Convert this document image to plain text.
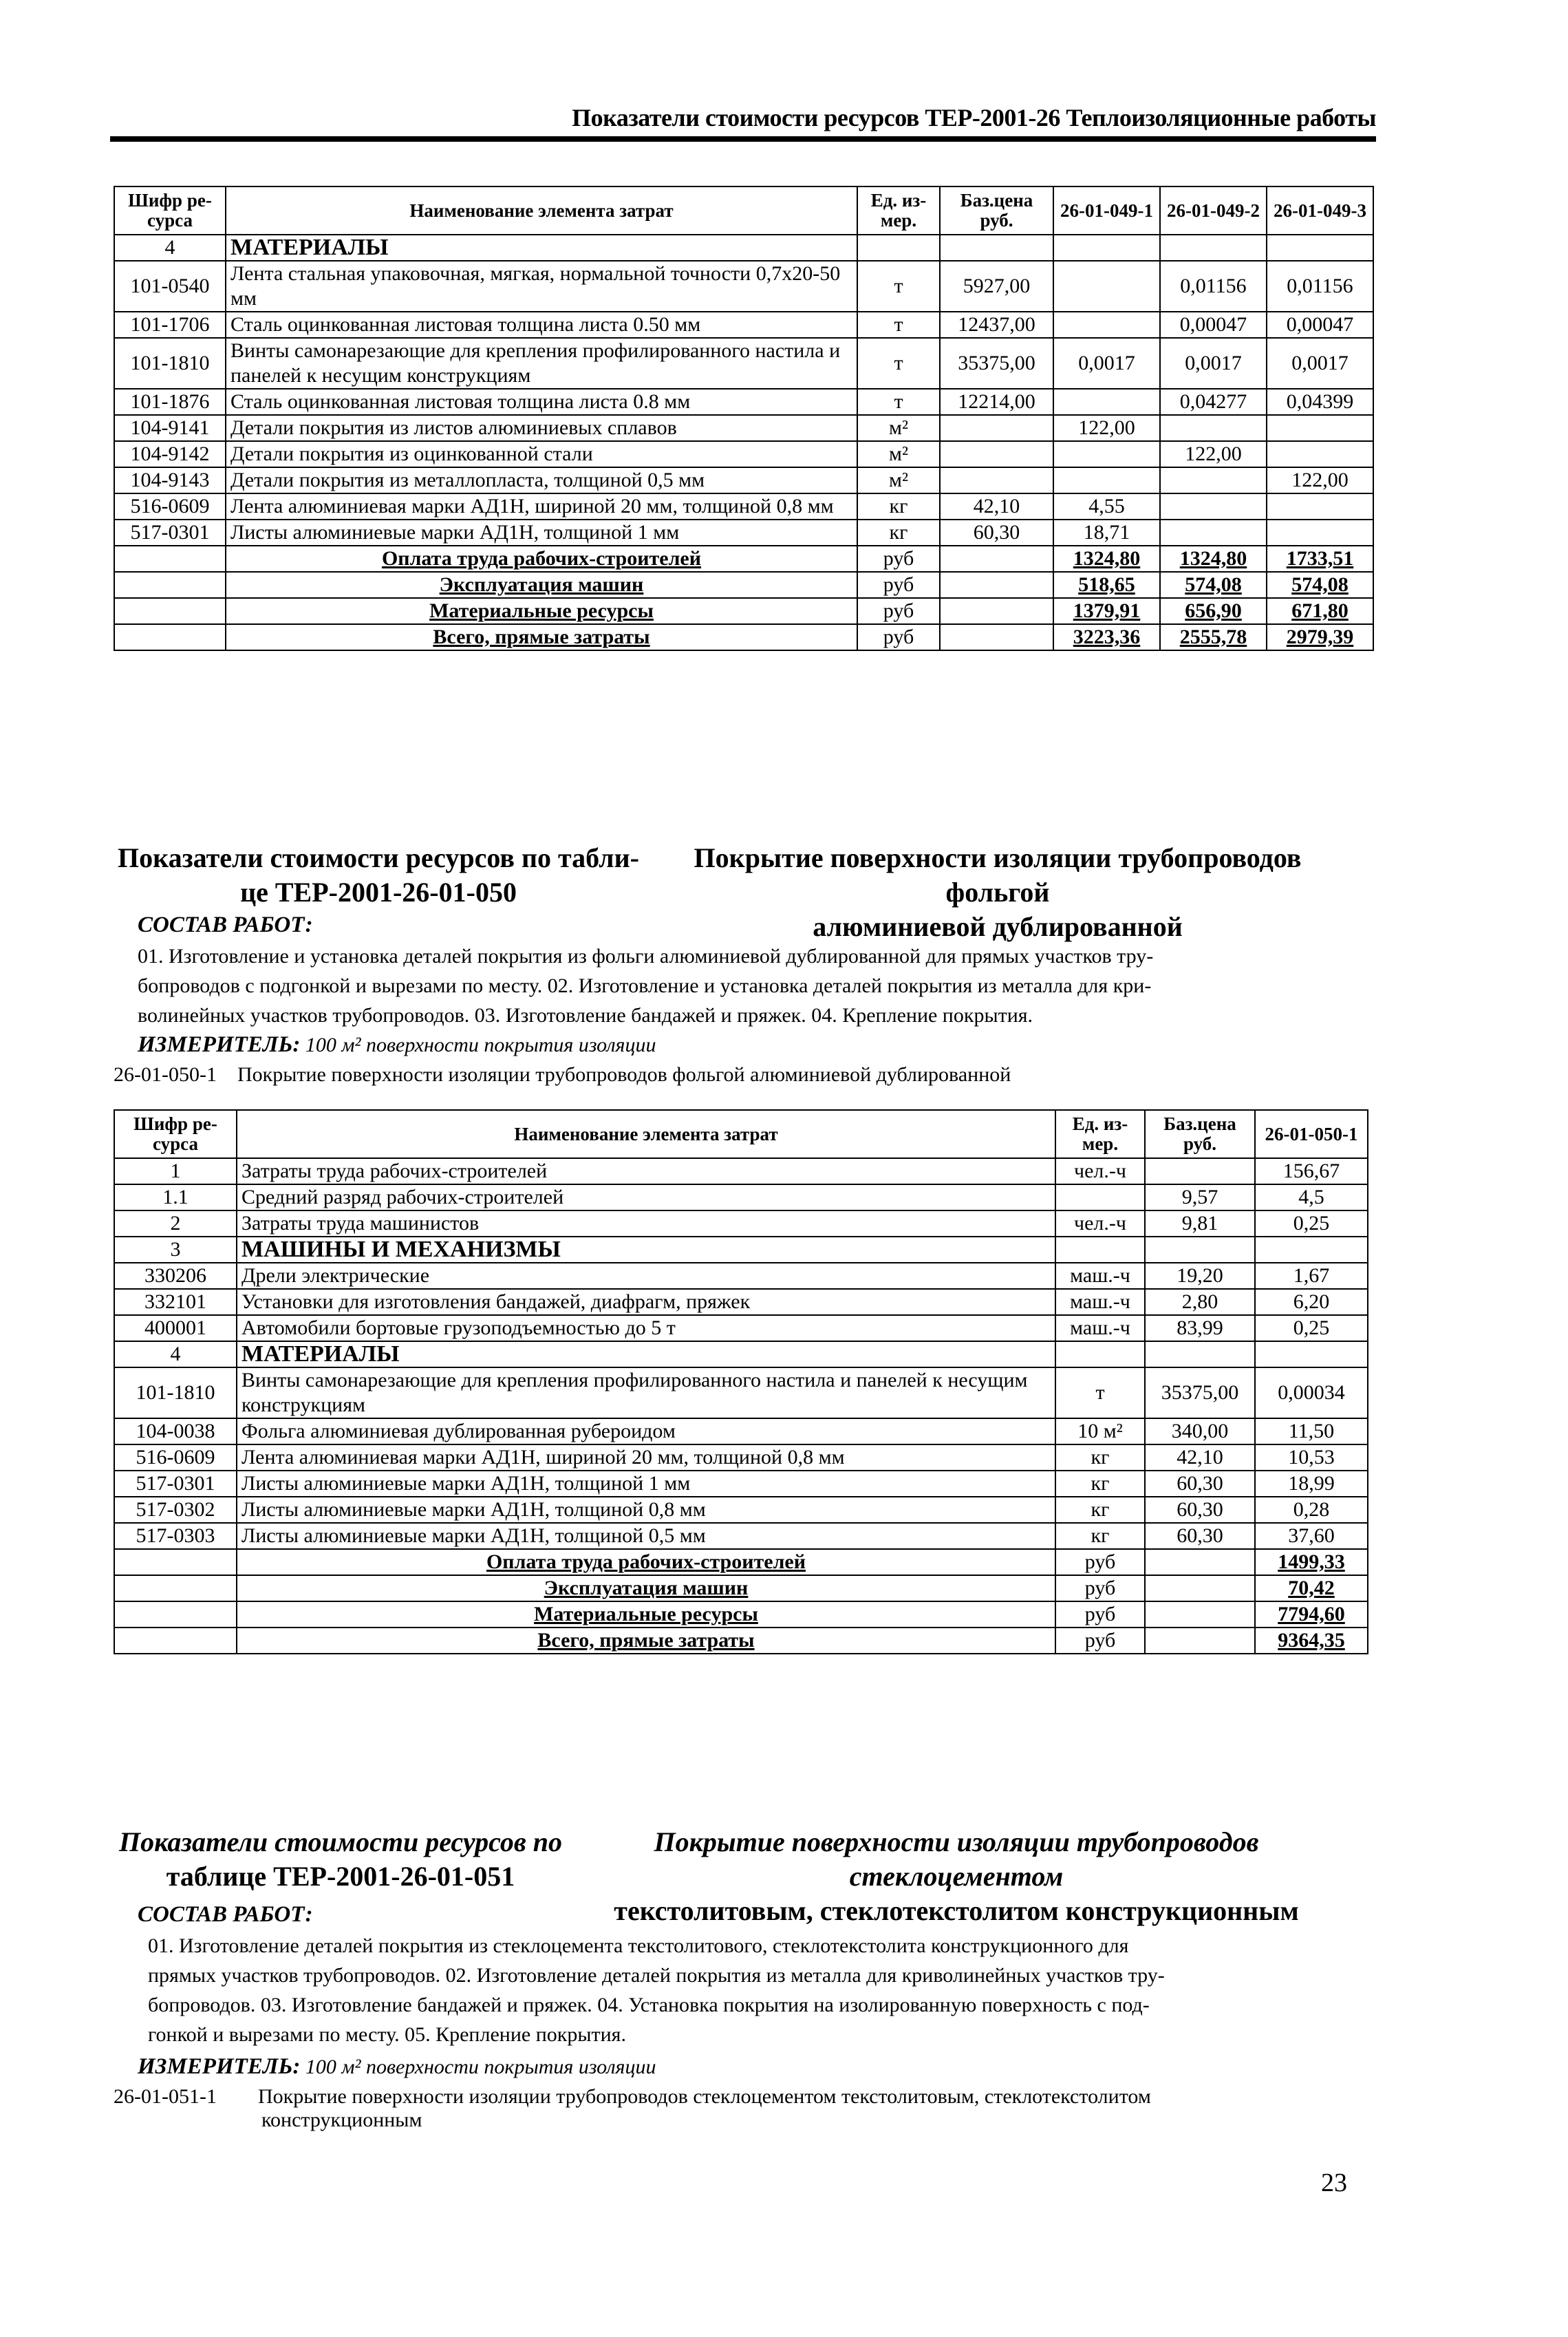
Показатели стоимости ресурсов ТЕР-2001-26 Теплоизоляционные работы
Шифр ре-сурса	Наименование элемента затрат	Ед. из-мер.	Баз.цена руб.	26-01-049-1	26-01-049-2	26-01-049-3
4	МАТЕРИАЛЫ					
101-0540	Лента стальная упаковочная, мягкая, нормальной точности 0,7х20-50 мм	т	5927,00		0,01156	0,01156
101-1706	Сталь оцинкованная листовая толщина листа 0.50 мм	т	12437,00		0,00047	0,00047
101-1810	Винты самонарезающие для крепления профилированного настила и панелей к несущим конструкциям	т	35375,00	0,0017	0,0017	0,0017
101-1876	Сталь оцинкованная листовая толщина листа 0.8 мм	т	12214,00		0,04277	0,04399
104-9141	Детали покрытия из листов алюминиевых сплавов	м²		122,00		
104-9142	Детали покрытия из оцинкованной стали	м²			122,00	
104-9143	Детали покрытия из металлопласта, толщиной 0,5 мм	м²				122,00
516-0609	Лента алюминиевая марки АД1Н, шириной 20 мм, толщиной 0,8 мм	кг	42,10	4,55		
517-0301	Листы алюминиевые марки АД1Н, толщиной 1 мм	кг	60,30	18,71		
	Оплата труда рабочих-строителей	руб		1324,80	1324,80	1733,51
	Эксплуатация машин	руб		518,65	574,08	574,08
	Материальные ресурсы	руб		1379,91	656,90	671,80
	Всего, прямые затраты	руб		3223,36	2555,78	2979,39
Показатели стоимости ресурсов по табли-
це ТЕР-2001-26-01-050
Покрытие поверхности изоляции трубопроводов фольгой
алюминиевой дублированной
СОСТАВ РАБОТ:
01. Изготовление и установка деталей покрытия из фольги алюминиевой дублированной для прямых участков тру-
бопроводов с подгонкой и вырезами по месту. 02. Изготовление и установка деталей покрытия из металла для кри-
волинейных участков трубопроводов. 03. Изготовление бандажей и пряжек. 04. Крепление покрытия.
ИЗМЕРИТЕЛЬ: 100 м² поверхности покрытия изоляции
26-01-050-1 Покрытие поверхности изоляции трубопроводов фольгой алюминиевой дублированной
Шифр ре-сурса	Наименование элемента затрат	Ед. из-мер.	Баз.цена руб.	26-01-050-1
1	Затраты труда рабочих-строителей	чел.-ч		156,67
1.1	Средний разряд рабочих-строителей		9,57	4,5
2	Затраты труда машинистов	чел.-ч	9,81	0,25
3	МАШИНЫ И МЕХАНИЗМЫ			
330206	Дрели электрические	маш.-ч	19,20	1,67
332101	Установки для изготовления бандажей, диафрагм, пряжек	маш.-ч	2,80	6,20
400001	Автомобили бортовые грузоподъемностью до 5 т	маш.-ч	83,99	0,25
4	МАТЕРИАЛЫ			
101-1810	Винты самонарезающие для крепления профилированного настила и панелей к несущим конструкциям	т	35375,00	0,00034
104-0038	Фольга алюминиевая дублированная рубероидом	10 м²	340,00	11,50
516-0609	Лента алюминиевая марки АД1Н, шириной 20 мм, толщиной 0,8 мм	кг	42,10	10,53
517-0301	Листы алюминиевые марки АД1Н, толщиной 1 мм	кг	60,30	18,99
517-0302	Листы алюминиевые марки АД1Н, толщиной 0,8 мм	кг	60,30	0,28
517-0303	Листы алюминиевые марки АД1Н, толщиной 0,5 мм	кг	60,30	37,60
	Оплата труда рабочих-строителей	руб		1499,33
	Эксплуатация машин	руб		70,42
	Материальные ресурсы	руб		7794,60
	Всего, прямые затраты	руб		9364,35
Показатели стоимости ресурсов по
таблице ТЕР-2001-26-01-051
Покрытие поверхности изоляции трубопроводов стеклоцементом
текстолитовым, стеклотекстолитом конструкционным
СОСТАВ РАБОТ:
01. Изготовление деталей покрытия из стеклоцемента текстолитового, стеклотекстолита конструкционного для
прямых участков трубопроводов. 02. Изготовление деталей покрытия из металла для криволинейных участков тру-
бопроводов. 03. Изготовление бандажей и пряжек. 04. Установка покрытия на изолированную поверхность с под-
гонкой и вырезами по месту. 05. Крепление покрытия.
ИЗМЕРИТЕЛЬ: 100 м² поверхности покрытия изоляции
26-01-051-1 Покрытие поверхности изоляции трубопроводов стеклоцементом текстолитовым, стеклотекстолитом
конструкционным
23
